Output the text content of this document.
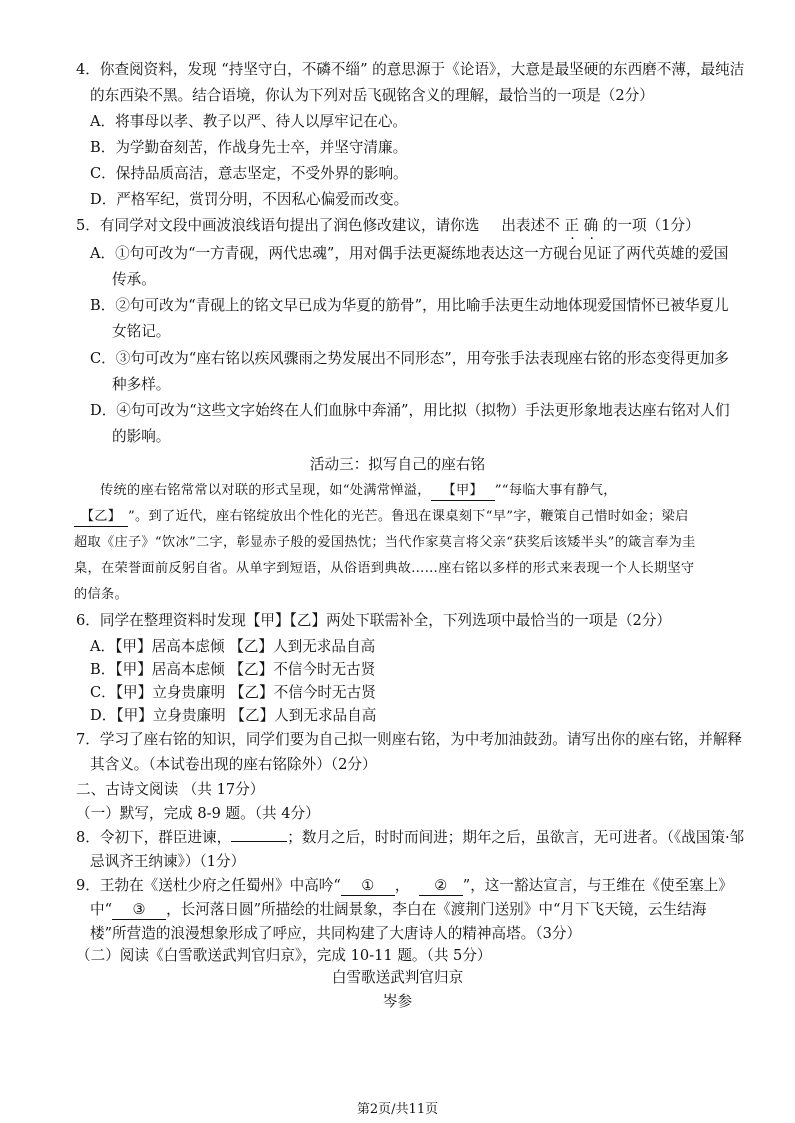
4．你查阅资料，发现 “持坚守白，不磷不缁” 的意思源于《论语》，大意是最坚硬的东西磨不薄，最纯洁
的东西染不黑。结合语境，你认为下列对岳飞砚铭含义的理解，最恰当的一项是（2分）
A．将事母以孝、教子以严、待人以厚牢记在心。
B．为学勤奋刻苦，作战身先士卒，并坚守清廉。
C．保持品质高洁，意志坚定，不受外界的影响。
D．严格军纪，赏罚分明，不因私心偏爱而改变。
5．有同学对文段中画波浪线语句提出了润色修改建议，请你选 出表述不 正 确 的一项（1分）
A．①句可改为“一方青砚，两代忠魂”，用对偶手法更凝练地表达这一方砚台见证了两代英雄的爱国
传承。
B．②句可改为“青砚上的铭文早已成为华夏的筋骨”，用比喻手法更生动地体现爱国情怀已被华夏儿
女铭记。
C．③句可改为“座右铭以疾风骤雨之势发展出不同形态”，用夸张手法表现座右铭的形态变得更加多
种多样。
D．④句可改为“这些文字始终在人们血脉中奔涌”，用比拟（拟物）手法更形象地表达座右铭对人们
的影响。
活动三：拟写自己的座右铭
传统的座右铭常常以对联的形式呈现，如“处满常惮溢， 【甲】 ”“每临大事有静气，
【乙】 ”。到了近代，座右铭绽放出个性化的光芒。鲁迅在课桌刻下“早”字，鞭策自己惜时如金；梁启
超取《庄子》“饮冰”二字，彰显赤子般的爱国热忱；当代作家莫言将父亲“获奖后该矮半头”的箴言奉为圭
臬，在荣誉面前反躬自省。从单字到短语，从俗语到典故……座右铭以多样的形式来表现一个人长期坚守
的信条。
6．同学在整理资料时发现【甲】【乙】两处下联需补全，下列选项中最恰当的一项是（2分）
A．【甲】居高本虑倾 【乙】人到无求品自高
B．【甲】居高本虑倾 【乙】不信今时无古贤
C．【甲】立身贵廉明 【乙】不信今时无古贤
D．【甲】立身贵廉明 【乙】人到无求品自高
7．学习了座右铭的知识，同学们要为自己拟一则座右铭，为中考加油鼓劲。请写出你的座右铭，并解释
其含义。（本试卷出现的座右铭除外）（2分）
二、古诗文阅读 （共 17分）
（一）默写，完成 8-9 题。（共 4分）
8．令初下，群臣进谏，	；数月之后，时时而间进；期年之后，虽欲言，无可进者。（《战国策·邹
忌讽齐王纳谏》）（1分）
9．王勃在《送杜少府之任蜀州》中高吟“ ① ， ② ”，这一豁达宣言，与王维在《使至塞上》
中“ ③ ，长河落日圆”所描绘的壮阔景象，李白在《渡荆门送别》中“月下飞天镜，云生结海
楼”所营造的浪漫想象形成了呼应，共同构建了大唐诗人的精神高塔。（3分）
（二）阅读《白雪歌送武判官归京》，完成 10-11 题。（共 5分）
白雪歌送武判官归京
岑参
第2页/共11页
